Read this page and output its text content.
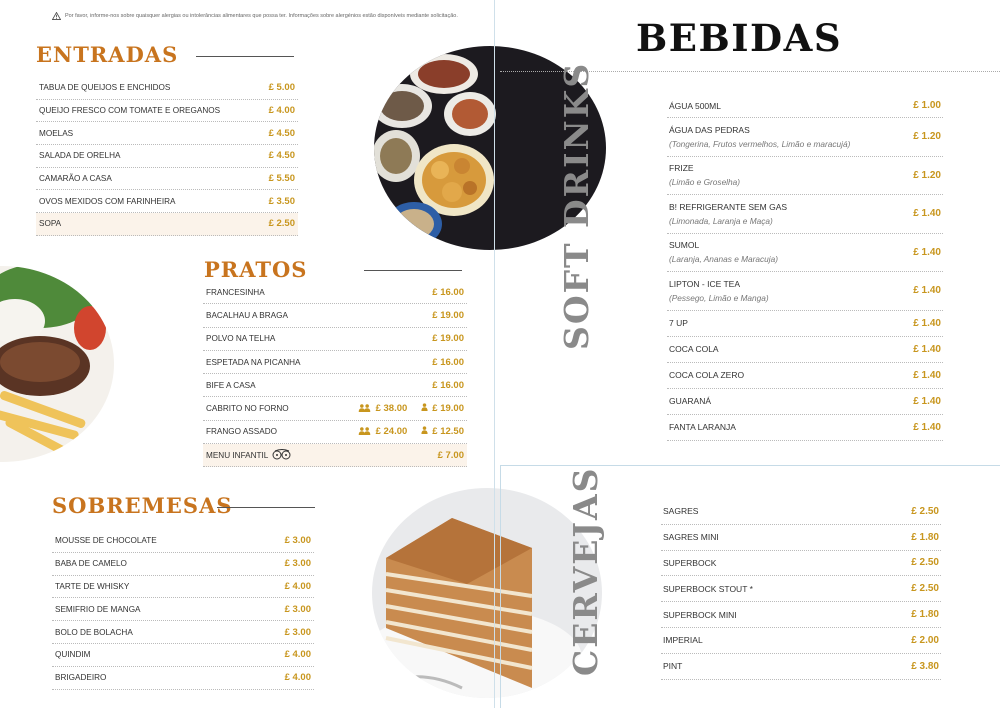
Por favor, informe-nos sobre quaisquer alergias ou intolerâncias alimentares que possa ter. Informações sobre alergénios estão disponíveis mediante solicitação.
ENTRADAS
TABUA DE QUEIJOS E ENCHIDOS	£ 5.00
QUEIJO FRESCO COM TOMATE E OREGANOS	£ 4.00
MOELAS	£ 4.50
SALADA DE ORELHA	£ 4.50
CAMARÃO A CASA	£ 5.50
OVOS MEXIDOS COM FARINHEIRA	£ 3.50
SOPA	£ 2.50
PRATOS
FRANCESINHA	£ 16.00
BACALHAU A BRAGA	£ 19.00
POLVO NA TELHA	£ 19.00
ESPETADA NA PICANHA	£ 16.00
BIFE A CASA	£ 16.00
CABRITO NO FORNO	£ 38.00	£ 19.00
FRANGO ASSADO	£ 24.00	£ 12.50
MENU INFANTIL	£ 7.00
SOBREMESAS
MOUSSE DE CHOCOLATE	£ 3.00
BABA DE CAMELO	£ 3.00
TARTE DE WHISKY	£ 4.00
SEMIFRIO DE MANGA	£ 3.00
BOLO DE BOLACHA	£ 3.00
QUINDIM	£ 4.00
BRIGADEIRO	£ 4.00
BEBIDAS
SOFT DRINKS	ÁGUA 500ML	£ 1.00
ÁGUA DAS PEDRAS
(Tongerina, Frutos vermelhos, Limão e maracujá)
£ 1.20
FRIZE
(Limão e Groselha)
£ 1.20
B! REFRIGERANTE SEM GAS
(Limonada, Laranja e Maça)
£ 1.40
SUMOL
(Laranja, Ananas e Maracuja)
£ 1.40
LIPTON - ICE TEA
(Pessego, Limão e Manga)
£ 1.40
7 UP	£ 1.40
COCA COLA	£ 1.40
COCA COLA ZERO	£ 1.40
GUARANÁ	£ 1.40
FANTA LARANJA	£ 1.40
CERVEJAS	SAGRES	£ 2.50
SAGRES MINI	£ 1.80
SUPERBOCK	£ 2.50
SUPERBOCK STOUT *	£ 2.50
SUPERBOCK MINI	£ 1.80
IMPERIAL	£ 2.00
PINT	£ 3.80
